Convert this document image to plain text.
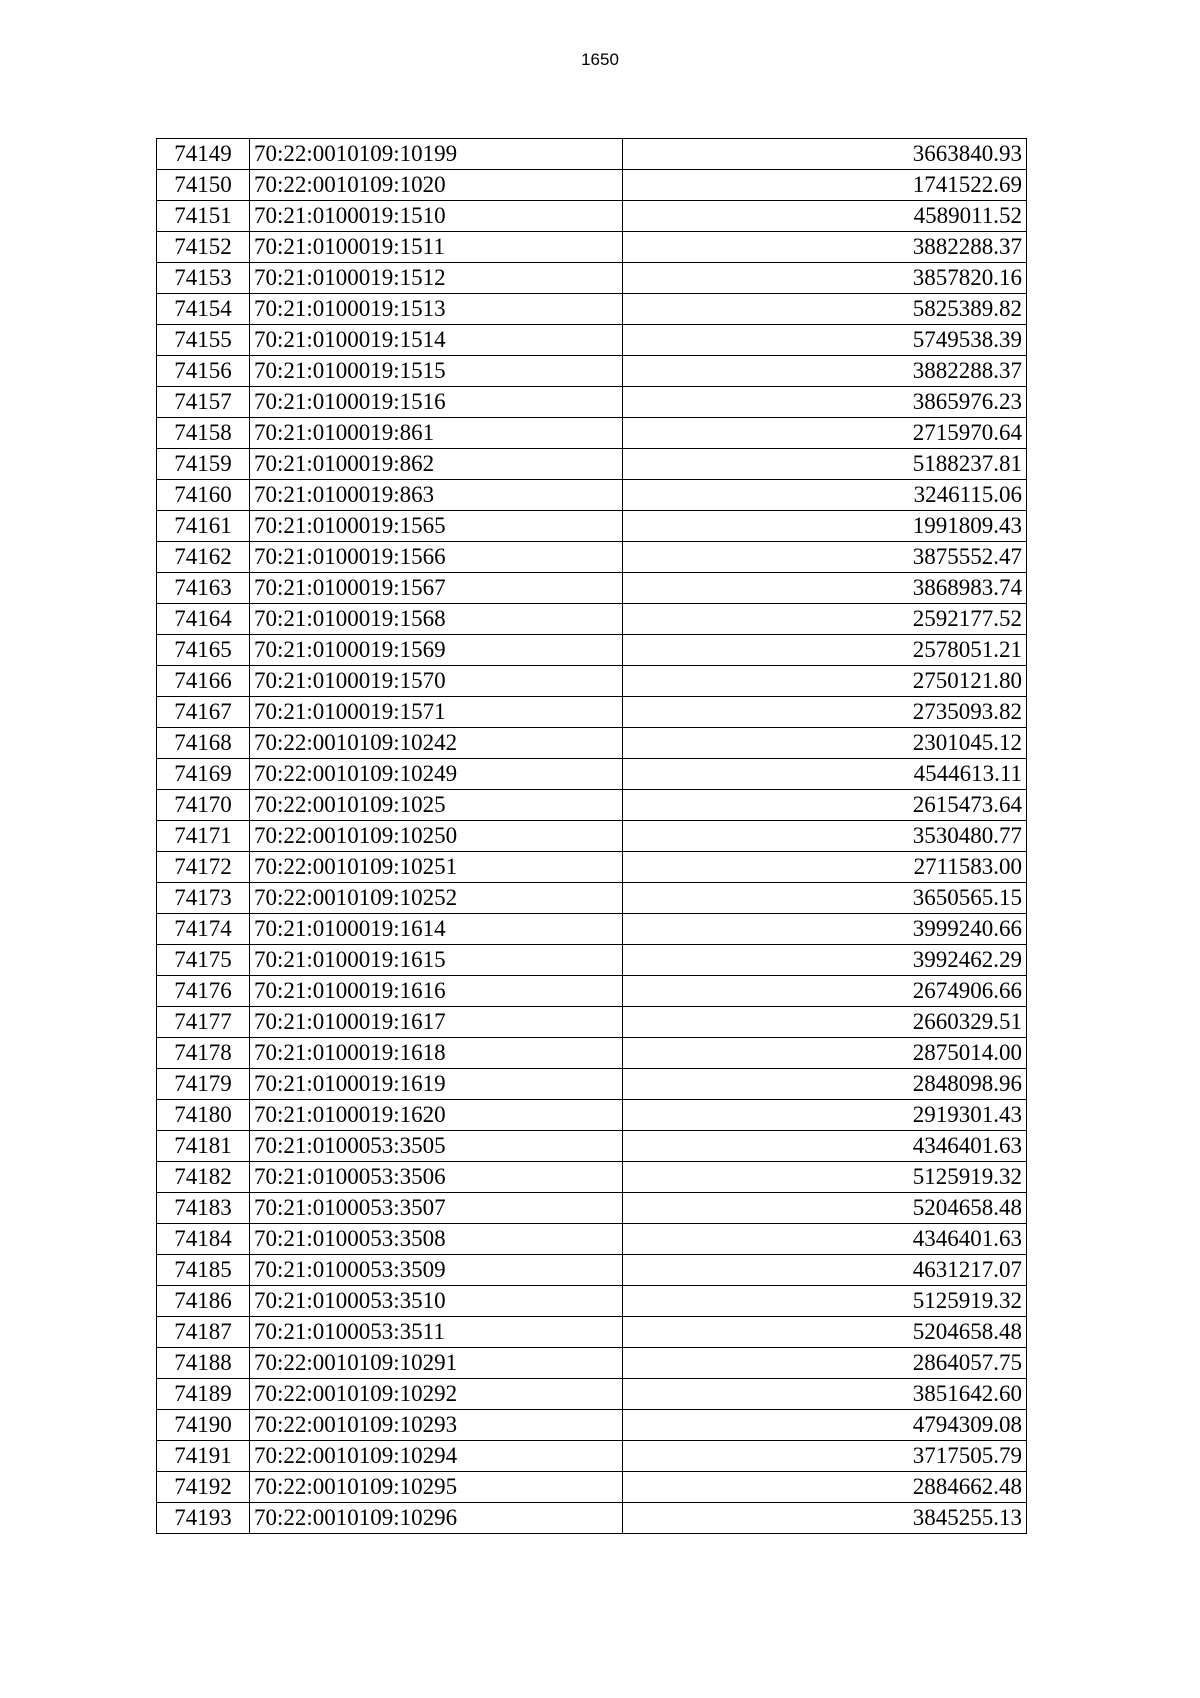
1650
74149	70:22:0010109:10199	3663840.93
74150	70:22:0010109:1020	1741522.69
74151	70:21:0100019:1510	4589011.52
74152	70:21:0100019:1511	3882288.37
74153	70:21:0100019:1512	3857820.16
74154	70:21:0100019:1513	5825389.82
74155	70:21:0100019:1514	5749538.39
74156	70:21:0100019:1515	3882288.37
74157	70:21:0100019:1516	3865976.23
74158	70:21:0100019:861	2715970.64
74159	70:21:0100019:862	5188237.81
74160	70:21:0100019:863	3246115.06
74161	70:21:0100019:1565	1991809.43
74162	70:21:0100019:1566	3875552.47
74163	70:21:0100019:1567	3868983.74
74164	70:21:0100019:1568	2592177.52
74165	70:21:0100019:1569	2578051.21
74166	70:21:0100019:1570	2750121.80
74167	70:21:0100019:1571	2735093.82
74168	70:22:0010109:10242	2301045.12
74169	70:22:0010109:10249	4544613.11
74170	70:22:0010109:1025	2615473.64
74171	70:22:0010109:10250	3530480.77
74172	70:22:0010109:10251	2711583.00
74173	70:22:0010109:10252	3650565.15
74174	70:21:0100019:1614	3999240.66
74175	70:21:0100019:1615	3992462.29
74176	70:21:0100019:1616	2674906.66
74177	70:21:0100019:1617	2660329.51
74178	70:21:0100019:1618	2875014.00
74179	70:21:0100019:1619	2848098.96
74180	70:21:0100019:1620	2919301.43
74181	70:21:0100053:3505	4346401.63
74182	70:21:0100053:3506	5125919.32
74183	70:21:0100053:3507	5204658.48
74184	70:21:0100053:3508	4346401.63
74185	70:21:0100053:3509	4631217.07
74186	70:21:0100053:3510	5125919.32
74187	70:21:0100053:3511	5204658.48
74188	70:22:0010109:10291	2864057.75
74189	70:22:0010109:10292	3851642.60
74190	70:22:0010109:10293	4794309.08
74191	70:22:0010109:10294	3717505.79
74192	70:22:0010109:10295	2884662.48
74193	70:22:0010109:10296	3845255.13
